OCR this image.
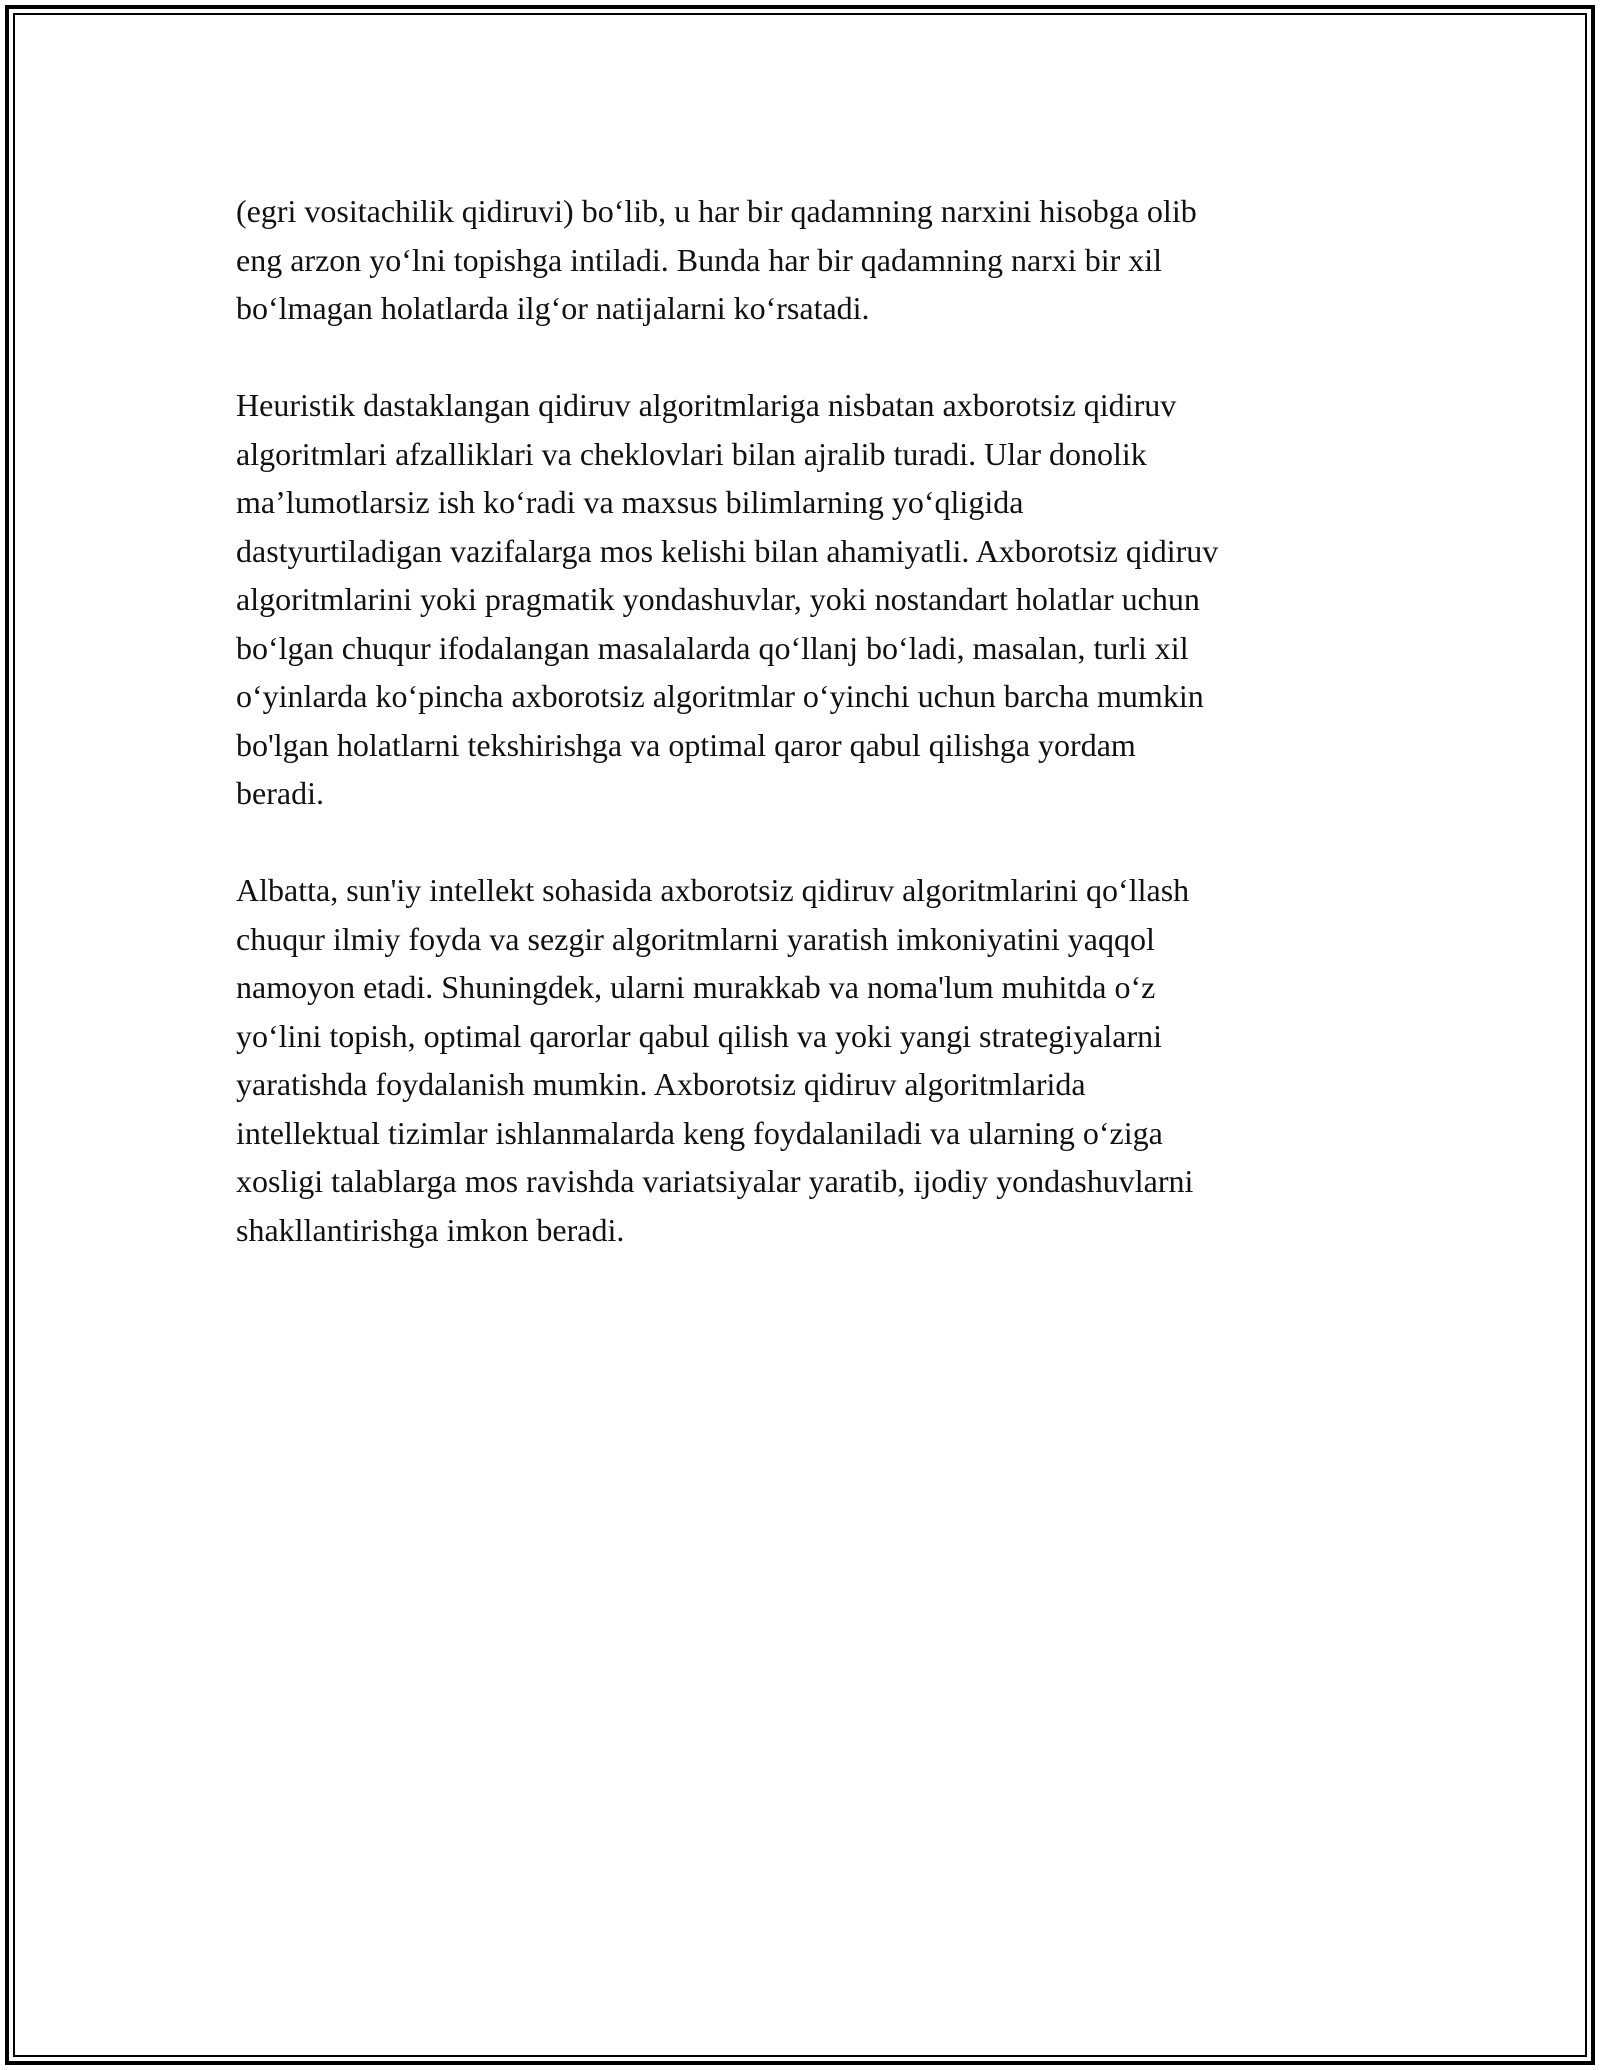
(egri vositachilik qidiruvi) bo‘lib, u har bir qadamning narxini hisobga olib
eng arzon yo‘lni topishga intiladi. Bunda har bir qadamning narxi bir xil
bo‘lmagan holatlarda ilg‘or natijalarni ko‘rsatadi.
Heuristik dastaklangan qidiruv algoritmlariga nisbatan axborotsiz qidiruv
algoritmlari afzalliklari va cheklovlari bilan ajralib turadi. Ular donolik
ma’lumotlarsiz ish ko‘radi va maxsus bilimlarning yo‘qligida
dastyurtiladigan vazifalarga mos kelishi bilan ahamiyatli. Axborotsiz qidiruv
algoritmlarini yoki pragmatik yondashuvlar, yoki nostandart holatlar uchun
bo‘lgan chuqur ifodalangan masalalarda qo‘llanj bo‘ladi, masalan, turli xil
o‘yinlarda ko‘pincha axborotsiz algoritmlar o‘yinchi uchun barcha mumkin
bo'lgan holatlarni tekshirishga va optimal qaror qabul qilishga yordam
beradi.
Albatta, sun'iy intellekt sohasida axborotsiz qidiruv algoritmlarini qo‘llash
chuqur ilmiy foyda va sezgir algoritmlarni yaratish imkoniyatini yaqqol
namoyon etadi. Shuningdek, ularni murakkab va noma'lum muhitda o‘z
yo‘lini topish, optimal qarorlar qabul qilish va yoki yangi strategiyalarni
yaratishda foydalanish mumkin. Axborotsiz qidiruv algoritmlarida
intellektual tizimlar ishlanmalarda keng foydalaniladi va ularning o‘ziga
xosligi talablarga mos ravishda variatsiyalar yaratib, ijodiy yondashuvlarni
shakllantirishga imkon beradi.
